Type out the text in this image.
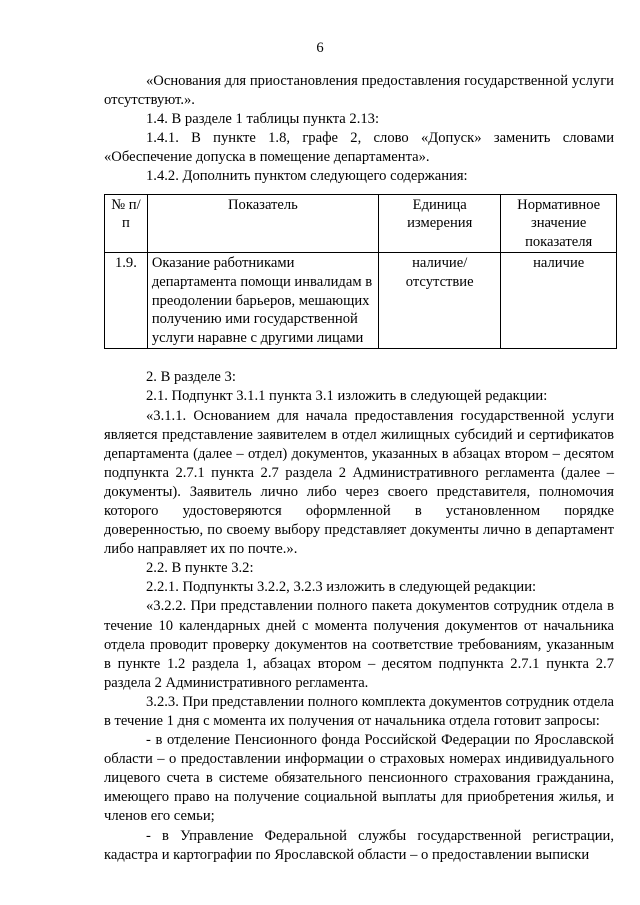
6

«Основания для приостановления предоставления государственной услуги отсутствуют.».

1.4. В разделе 1 таблицы пункта 2.13:

1.4.1. В пункте 1.8, графе 2, слово «Допуск» заменить словами «Обеспечение допуска в помещение департамента».

1.4.2. Дополнить пунктом следующего содержания:

№ п/п	Показатель	Единица измерения	Нормативное значение показателя
1.9.	Оказание работниками департамента помощи инвалидам в преодолении барьеров, мешающих получению ими государственной услуги наравне с другими лицами	наличие/ отсутствие	наличие

2. В разделе 3:

2.1. Подпункт 3.1.1 пункта 3.1 изложить в следующей редакции:

«3.1.1. Основанием для начала предоставления государственной услуги является представление заявителем в отдел жилищных субсидий и сертификатов департамента (далее – отдел) документов, указанных в абзацах втором – десятом подпункта 2.7.1 пункта 2.7 раздела 2 Административного регламента (далее – документы). Заявитель лично либо через своего представителя, полномочия которого удостоверяются оформленной в установленном порядке доверенностью, по своему выбору представляет документы лично в департамент либо направляет их по почте.».

2.2. В пункте 3.2:

2.2.1. Подпункты 3.2.2, 3.2.3 изложить в следующей редакции:

«3.2.2. При представлении полного пакета документов сотрудник отдела в течение 10 календарных дней с момента получения документов от начальника отдела проводит проверку документов на соответствие требованиям, указанным в пункте 1.2 раздела 1, абзацах втором – десятом подпункта 2.7.1 пункта 2.7 раздела 2 Административного регламента.

3.2.3. При представлении полного комплекта документов сотрудник отдела в течение 1 дня с момента их получения от начальника отдела готовит запросы:

- в отделение Пенсионного фонда Российской Федерации по Ярославской области – о предоставлении информации о страховых номерах индивидуального лицевого счета в системе обязательного пенсионного страхования гражданина, имеющего право на получение социальной выплаты для приобретения жилья, и членов его семьи;

- в Управление Федеральной службы государственной регистрации, кадастра и картографии по Ярославской области – о предоставлении выписки
